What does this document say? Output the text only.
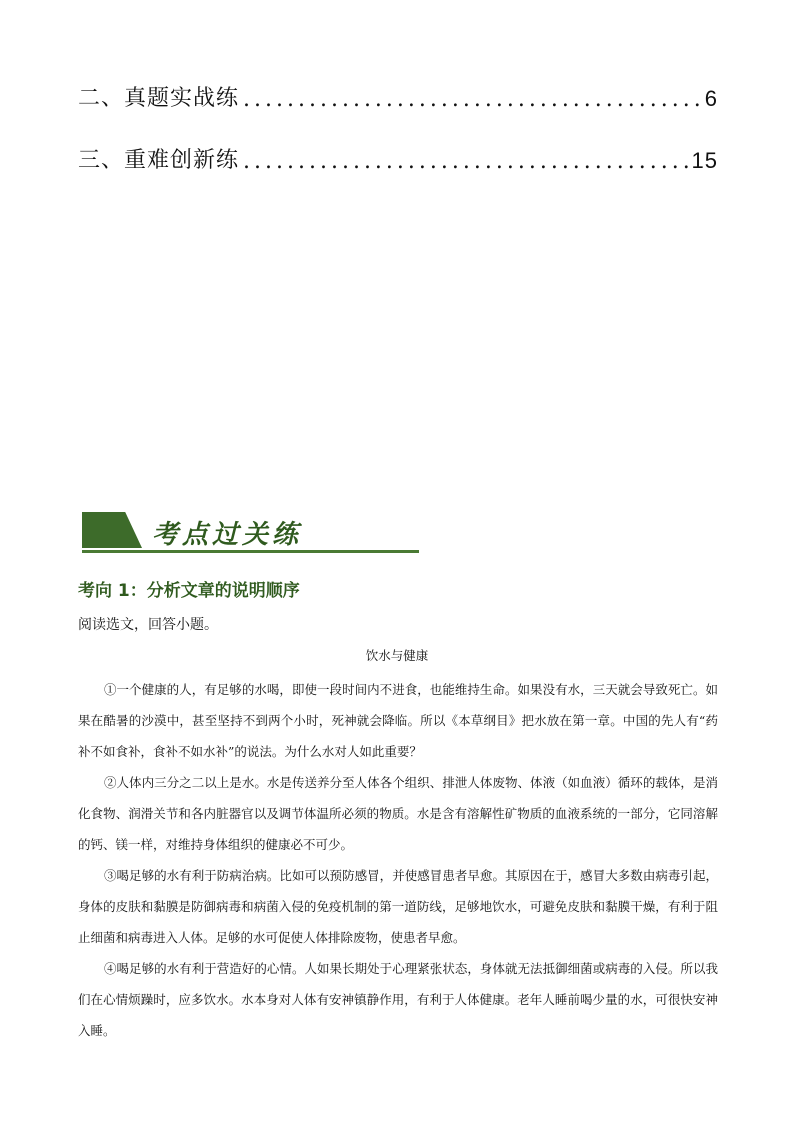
二、真题实战练 .....	6
三、重难创新练 .....	15
考点过关练
考向 1：分析文章的说明顺序
阅读选文，回答小题。
饮水与健康

①一个健康的人，有足够的水喝，即使一段时间内不进食，也能维持生命。如果没有水，三天就会导致死亡。如果在酷暑的沙漠中，甚至坚持不到两个小时，死神就会降临。所以《本草纲目》把水放在第一章。中国的先人有“药补不如食补，食补不如水补”的说法。为什么水对人如此重要？

②人体内三分之二以上是水。水是传送养分至人体各个组织、排泄人体废物、体液（如血液）循环的载体，是消化食物、润滑关节和各内脏器官以及调节体温所必须的物质。水是含有溶解性矿物质的血液系统的一部分，它同溶解的钙、镁一样，对维持身体组织的健康必不可少。

③喝足够的水有利于防病治病。比如可以预防感冒，并使感冒患者早愈。其原因在于，感冒大多数由病毒引起，身体的皮肤和黏膜是防御病毒和病菌入侵的免疫机制的第一道防线，足够地饮水，可避免皮肤和黏膜干燥，有利于阻止细菌和病毒进入人体。足够的水可促使人体排除废物，使患者早愈。

④喝足够的水有利于营造好的心情。人如果长期处于心理紧张状态，身体就无法抵御细菌或病毒的入侵。所以我们在心情烦躁时，应多饮水。水本身对人体有安神镇静作用，有利于人体健康。老年人睡前喝少量的水，可很快安神入睡。
